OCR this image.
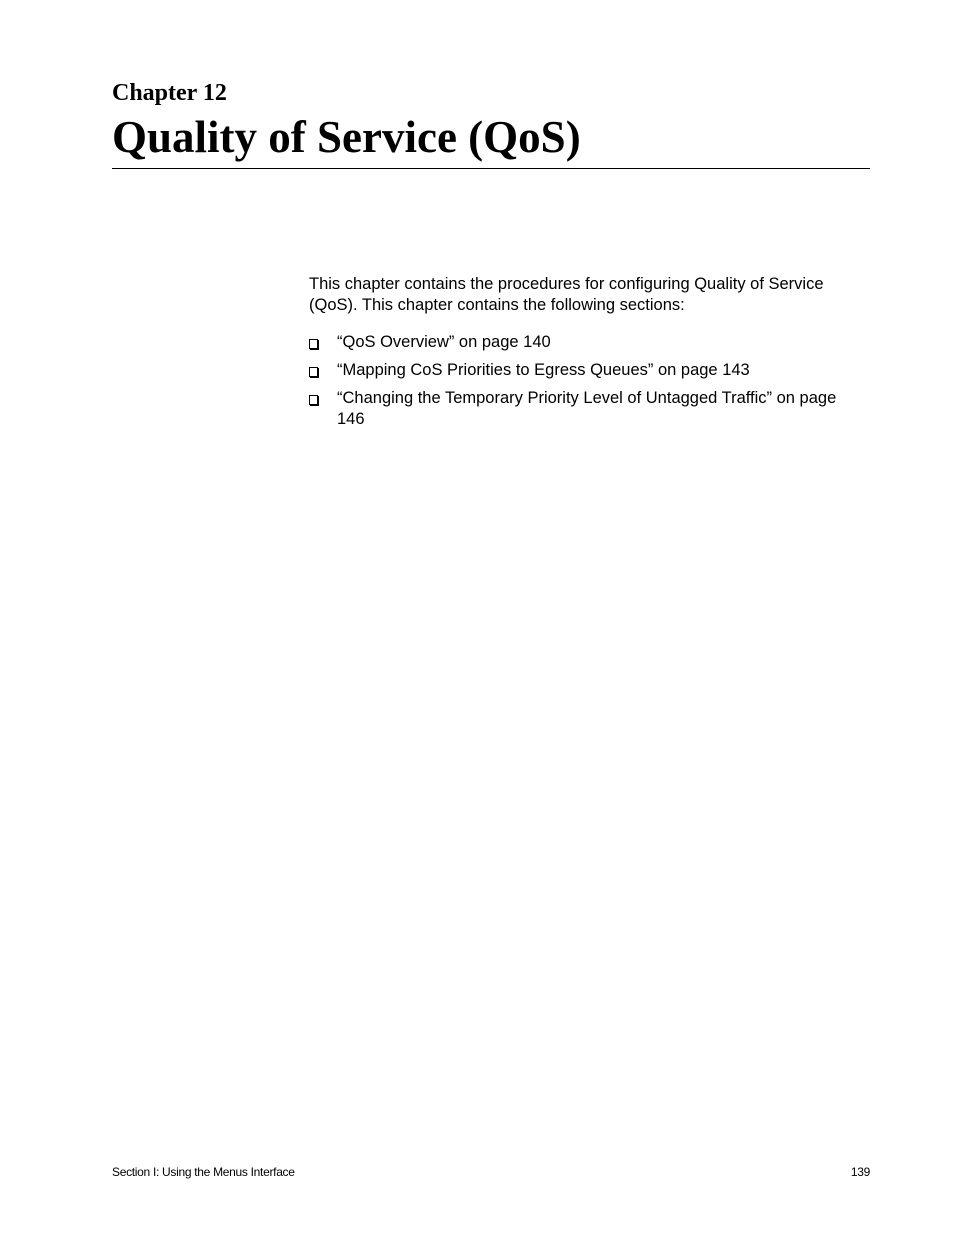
Chapter 12
Quality of Service (QoS)

This chapter contains the procedures for configuring Quality of Service (QoS). This chapter contains the following sections:

“QoS Overview” on page 140
“Mapping CoS Priorities to Egress Queues” on page 143
“Changing the Temporary Priority Level of Untagged Traffic” on page 146
Section I: Using the Menus Interface	139
